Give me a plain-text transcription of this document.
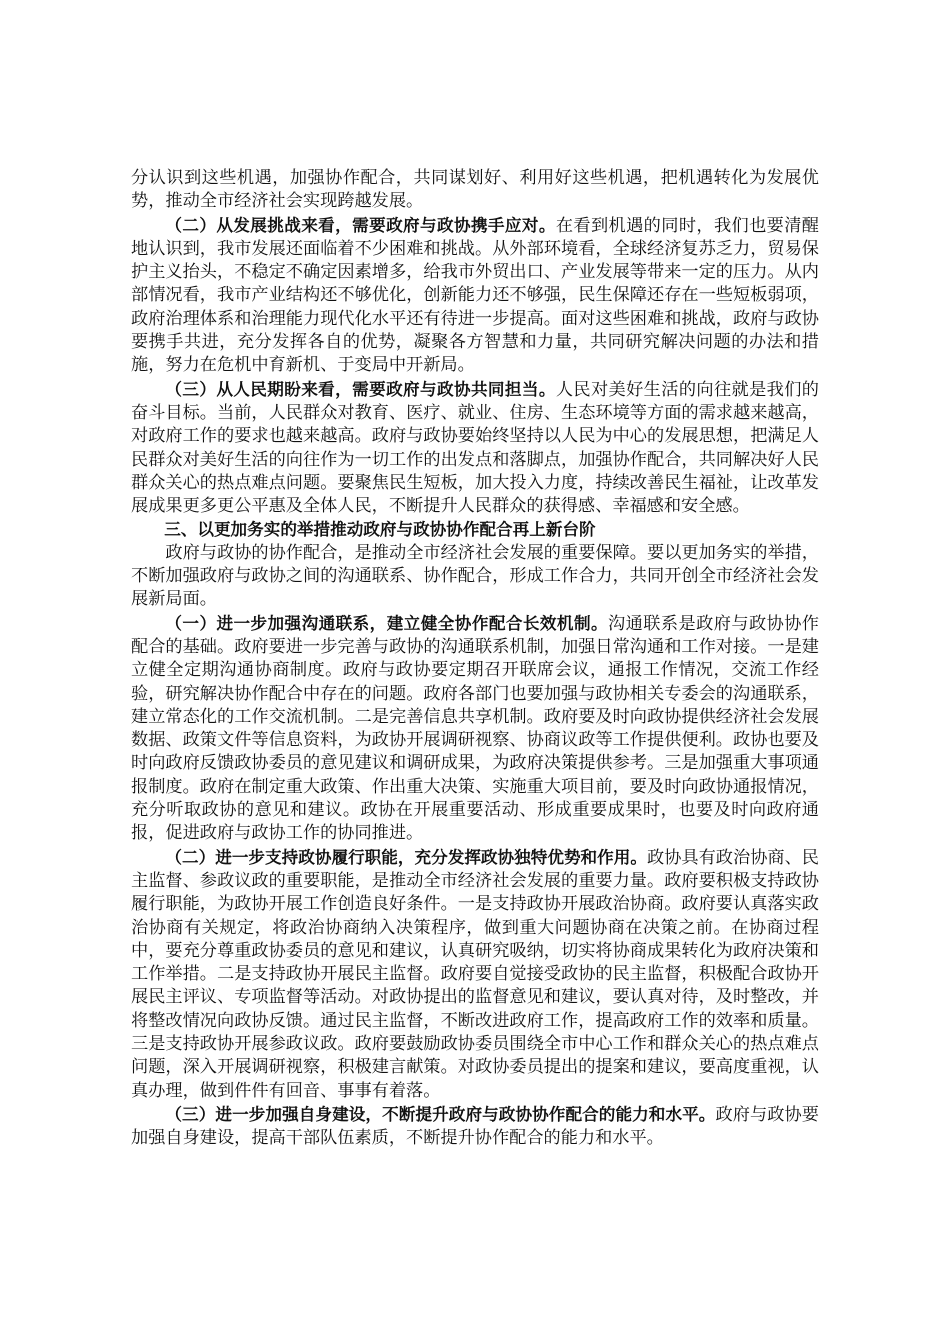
分认识到这些机遇，加强协作配合，共同谋划好、利用好这些机遇，把机遇转化为发展优势，推动全市经济社会实现跨越发展。

（二）从发展挑战来看，需要政府与政协携手应对。在看到机遇的同时，我们也要清醒地认识到，我市发展还面临着不少困难和挑战。从外部环境看，全球经济复苏乏力，贸易保护主义抬头，不稳定不确定因素增多，给我市外贸出口、产业发展等带来一定的压力。从内部情况看，我市产业结构还不够优化，创新能力还不够强，民生保障还存在一些短板弱项，政府治理体系和治理能力现代化水平还有待进一步提高。面对这些困难和挑战，政府与政协要携手共进，充分发挥各自的优势，凝聚各方智慧和力量，共同研究解决问题的办法和措施，努力在危机中育新机、于变局中开新局。

（三）从人民期盼来看，需要政府与政协共同担当。人民对美好生活的向往就是我们的奋斗目标。当前，人民群众对教育、医疗、就业、住房、生态环境等方面的需求越来越高，对政府工作的要求也越来越高。政府与政协要始终坚持以人民为中心的发展思想，把满足人民群众对美好生活的向往作为一切工作的出发点和落脚点，加强协作配合，共同解决好人民群众关心的热点难点问题。要聚焦民生短板，加大投入力度，持续改善民生福祉，让改革发展成果更多更公平惠及全体人民，不断提升人民群众的获得感、幸福感和安全感。

三、以更加务实的举措推动政府与政协协作配合再上新台阶

政府与政协的协作配合，是推动全市经济社会发展的重要保障。要以更加务实的举措，不断加强政府与政协之间的沟通联系、协作配合，形成工作合力，共同开创全市经济社会发展新局面。

（一）进一步加强沟通联系，建立健全协作配合长效机制。沟通联系是政府与政协协作配合的基础。政府要进一步完善与政协的沟通联系机制，加强日常沟通和工作对接。一是建立健全定期沟通协商制度。政府与政协要定期召开联席会议，通报工作情况，交流工作经验，研究解决协作配合中存在的问题。政府各部门也要加强与政协相关专委会的沟通联系，建立常态化的工作交流机制。二是完善信息共享机制。政府要及时向政协提供经济社会发展数据、政策文件等信息资料，为政协开展调研视察、协商议政等工作提供便利。政协也要及时向政府反馈政协委员的意见建议和调研成果，为政府决策提供参考。三是加强重大事项通报制度。政府在制定重大政策、作出重大决策、实施重大项目前，要及时向政协通报情况，充分听取政协的意见和建议。政协在开展重要活动、形成重要成果时，也要及时向政府通报，促进政府与政协工作的协同推进。

（二）进一步支持政协履行职能，充分发挥政协独特优势和作用。政协具有政治协商、民主监督、参政议政的重要职能，是推动全市经济社会发展的重要力量。政府要积极支持政协履行职能，为政协开展工作创造良好条件。一是支持政协开展政治协商。政府要认真落实政治协商有关规定，将政治协商纳入决策程序，做到重大问题协商在决策之前。在协商过程中，要充分尊重政协委员的意见和建议，认真研究吸纳，切实将协商成果转化为政府决策和工作举措。二是支持政协开展民主监督。政府要自觉接受政协的民主监督，积极配合政协开展民主评议、专项监督等活动。对政协提出的监督意见和建议，要认真对待，及时整改，并将整改情况向政协反馈。通过民主监督，不断改进政府工作，提高政府工作的效率和质量。三是支持政协开展参政议政。政府要鼓励政协委员围绕全市中心工作和群众关心的热点难点问题，深入开展调研视察，积极建言献策。对政协委员提出的提案和建议，要高度重视，认真办理，做到件件有回音、事事有着落。

（三）进一步加强自身建设，不断提升政府与政协协作配合的能力和水平。政府与政协要加强自身建设，提高干部队伍素质，不断提升协作配合的能力和水平。
